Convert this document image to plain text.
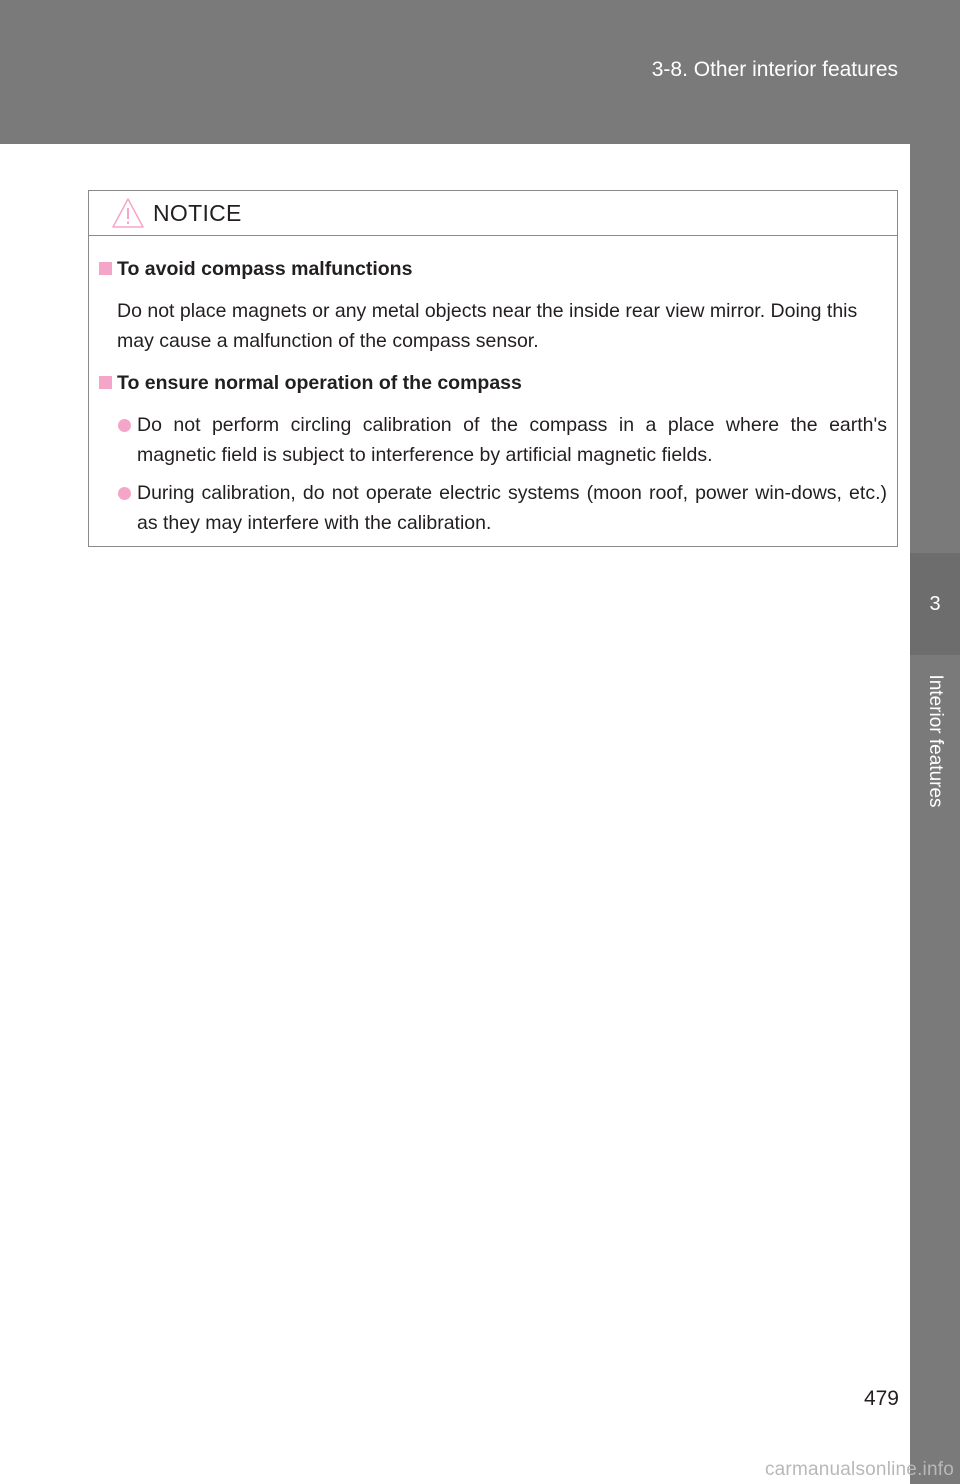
3-8. Other interior features
3
Interior features
NOTICE
To avoid compass malfunctions
Do not place magnets or any metal objects near the inside rear view mirror. Doing this may cause a malfunction of the compass sensor.
To ensure normal operation of the compass
Do not perform circling calibration of the compass in a place where the earth's magnetic field is subject to interference by artificial magnetic fields.
During calibration, do not operate electric systems (moon roof, power win-dows, etc.) as they may interfere with the calibration.
479
carmanualsonline.info
